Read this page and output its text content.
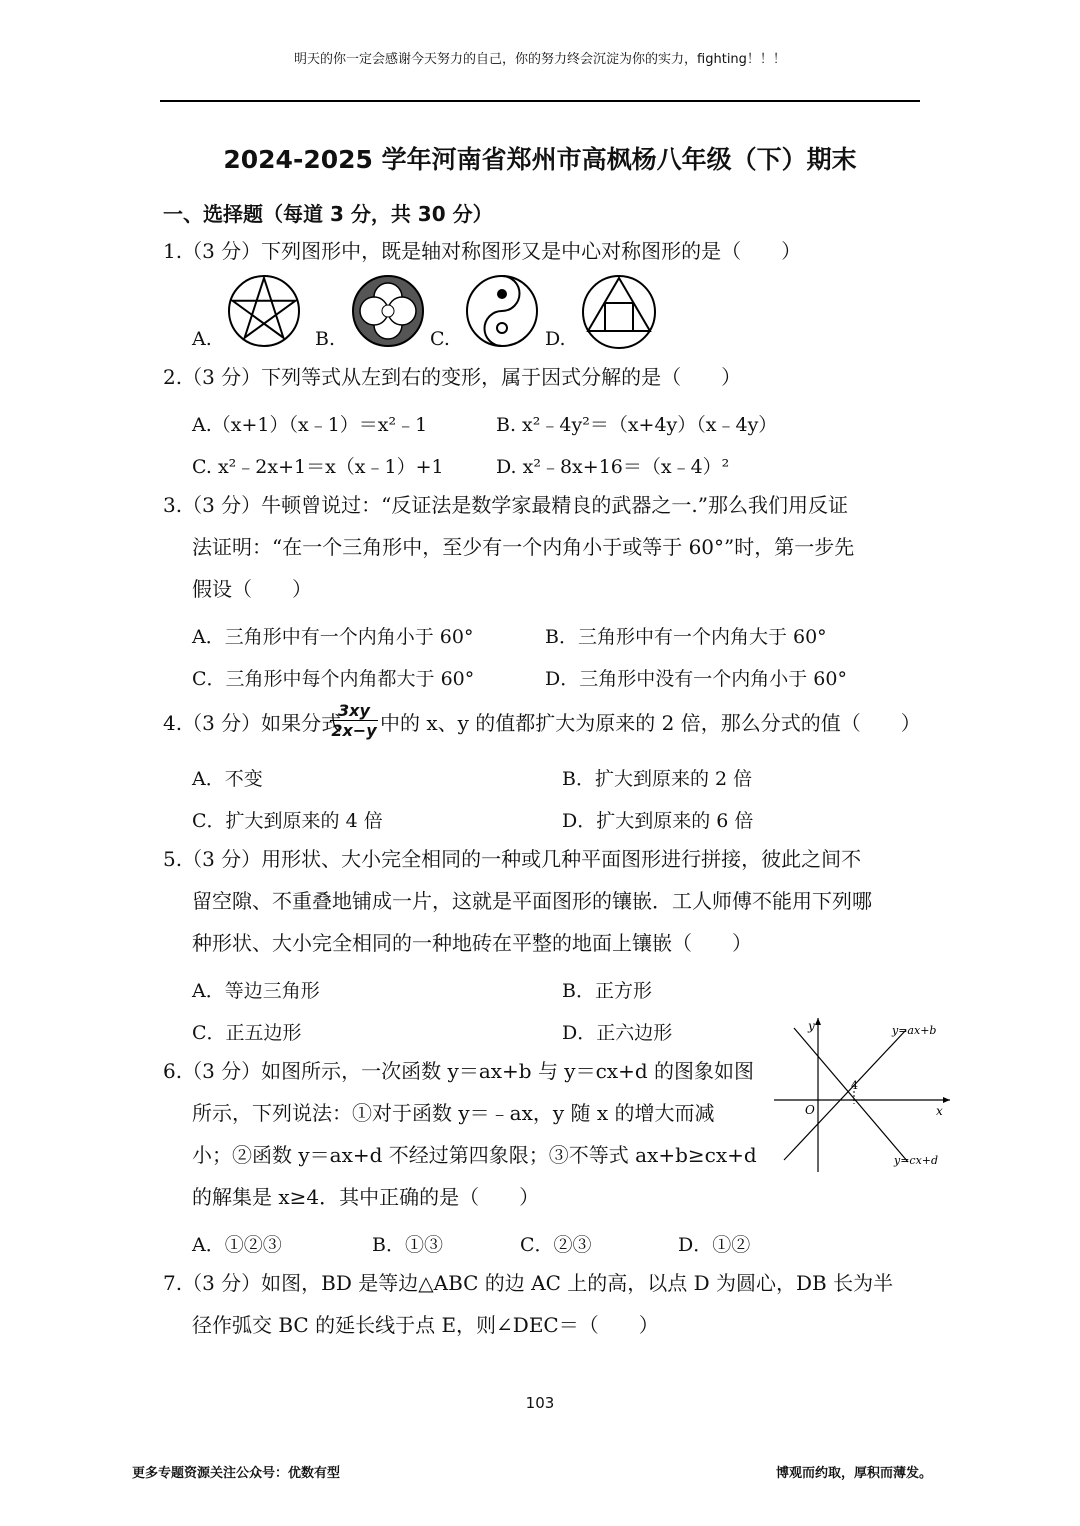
明天的你一定会感谢今天努力的自己，你的努力终会沉淀为你的实力，fighting！！！
2024-2025 学年河南省郑州市高枫杨八年级（下）期末
一、选择题（每道 3 分，共 30 分）
1.（3 分）下列图形中，既是轴对称图形又是中心对称图形的是（　　）
A.	B.	C.	D.
2.（3 分）下列等式从左到右的变形，属于因式分解的是（　　）
A.（x+1）（x﹣1）＝x²﹣1	B. x²﹣4y²＝（x+4y）（x﹣4y）
C. x²﹣2x+1＝x（x﹣1）+1	D. x²﹣8x+16＝（x﹣4）²
3.（3 分）牛顿曾说过：“反证法是数学家最精良的武器之一.”那么我们用反证
法证明：“在一个三角形中，至少有一个内角小于或等于 60°”时，第一步先
假设（　　）
A．三角形中有一个内角小于 60°	B．三角形中有一个内角大于 60°
C．三角形中每个内角都大于 60°	D．三角形中没有一个内角小于 60°
4.（3 分）如果分式
$\frac{3xy}{2x-y}$ 中的 x、y 的值都扩大为原来的 2 倍，那么分式的值（　　）
A．不变	B．扩大到原来的 2 倍
C．扩大到原来的 4 倍	D．扩大到原来的 6 倍
5.（3 分）用形状、大小完全相同的一种或几种平面图形进行拼接，彼此之间不
留空隙、不重叠地铺成一片，这就是平面图形的镶嵌．工人师傅不能用下列哪
种形状、大小完全相同的一种地砖在平整的地面上镶嵌（　　）
A．等边三角形	B．正方形
C．正五边形	D．正六边形
6.（3 分）如图所示，一次函数 y＝ax+b 与 y＝cx+d 的图象如图
所示，下列说法：①对于函数 y＝﹣ax，y 随 x 的增大而减
小；②函数 y＝ax+d 不经过第四象限；③不等式 ax+b≥cx+d
的解集是 x≥4．其中正确的是（　　）
A．①②③	B．①③	C．②③	D．①②
y
x
O
4
y=ax+b
y=cx+d
7.（3 分）如图，BD 是等边△ABC 的边 AC 上的高，以点 D 为圆心，DB 长为半
径作弧交 BC 的延长线于点 E，则∠DEC＝（　　）
103
更多专题资源关注公众号：优数有型	博观而约取，厚积而薄发。
